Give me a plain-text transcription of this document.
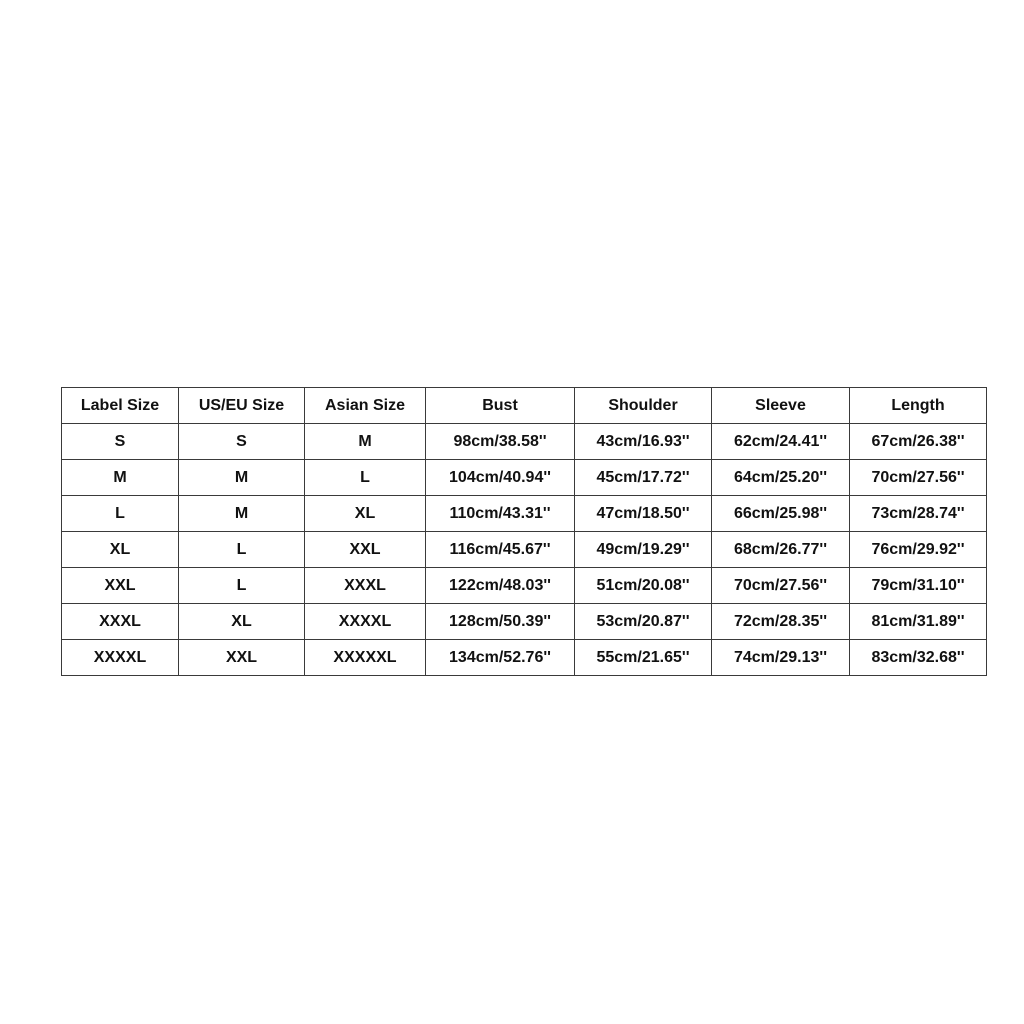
Label Size	US/EU Size	Asian Size	Bust	Shoulder	Sleeve	Length
S	S	M	98cm/38.58''	43cm/16.93''	62cm/24.41''	67cm/26.38''
M	M	L	104cm/40.94''	45cm/17.72''	64cm/25.20''	70cm/27.56''
L	M	XL	110cm/43.31''	47cm/18.50''	66cm/25.98''	73cm/28.74''
XL	L	XXL	116cm/45.67''	49cm/19.29''	68cm/26.77''	76cm/29.92''
XXL	L	XXXL	122cm/48.03''	51cm/20.08''	70cm/27.56''	79cm/31.10''
XXXL	XL	XXXXL	128cm/50.39''	53cm/20.87''	72cm/28.35''	81cm/31.89''
XXXXL	XXL	XXXXXL	134cm/52.76''	55cm/21.65''	74cm/29.13''	83cm/32.68''
